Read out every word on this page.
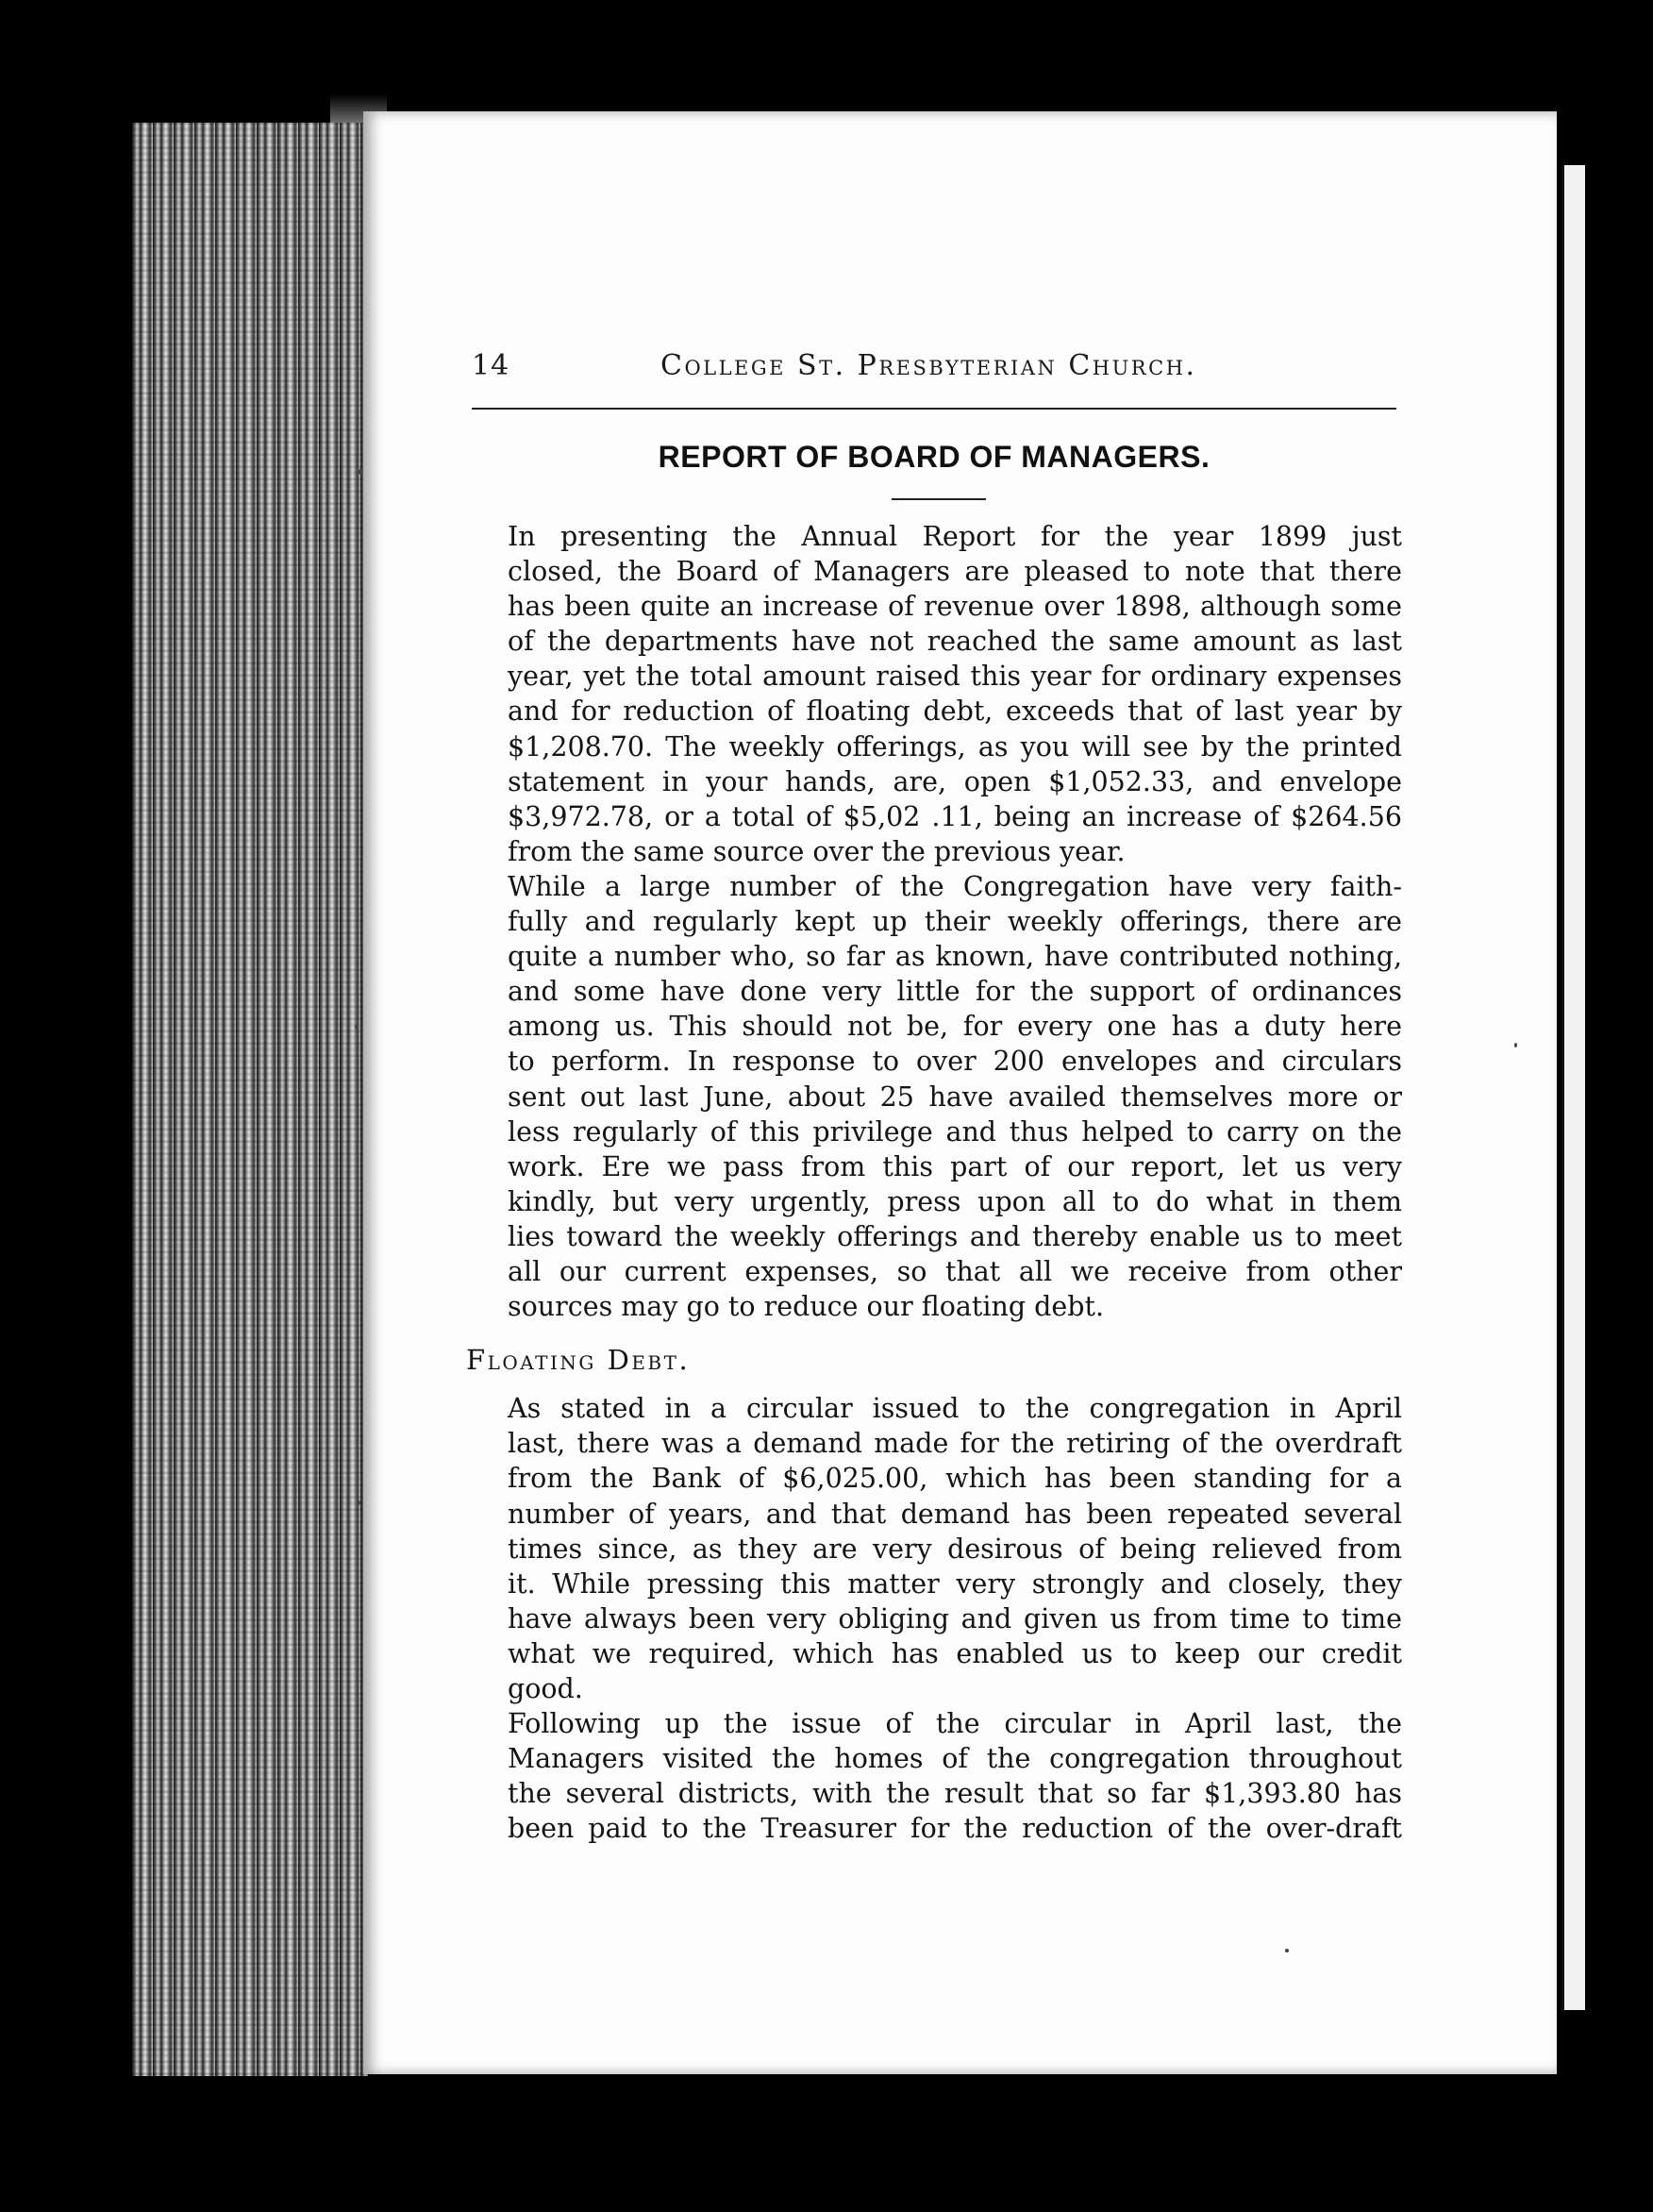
14	College St. Presbyterian Church.
REPORT OF BOARD OF MANAGERS.

In presenting the Annual Report for the year 1899 just
closed, the Board of Managers are pleased to note that there
has been quite an increase of revenue over 1898, although some
of the departments have not reached the same amount as last
year, yet the total amount raised this year for ordinary expenses
and for reduction of floating debt, exceeds that of last year by
$1,208.70. The weekly offerings, as you will see by the printed
statement in your hands, are, open $1,052.33, and envelope
$3,972.78, or a total of $5,02 .11, being an increase of $264.56
from the same source over the previous year.

While a large number of the Congregation have very faith-
fully and regularly kept up their weekly offerings, there are
quite a number who, so far as known, have contributed nothing,
and some have done very little for the support of ordinances
among us. This should not be, for every one has a duty here
to perform. In response to over 200 envelopes and circulars
sent out last June, about 25 have availed themselves more or
less regularly of this privilege and thus helped to carry on the
work. Ere we pass from this part of our report, let us very
kindly, but very urgently, press upon all to do what in them
lies toward the weekly offerings and thereby enable us to meet
all our current expenses, so that all we receive from other
sources may go to reduce our floating debt.

Floating Debt.

As stated in a circular issued to the congregation in April
last, there was a demand made for the retiring of the overdraft
from the Bank of $6,025.00, which has been standing for a
number of years, and that demand has been repeated several
times since, as they are very desirous of being relieved from
it. While pressing this matter very strongly and closely, they
have always been very obliging and given us from time to time
what we required, which has enabled us to keep our credit
good.

Following up the issue of the circular in April last, the
Managers visited the homes of the congregation throughout
the several districts, with the result that so far $1,393.80 has
been paid to the Treasurer for the reduction of the over-draft
